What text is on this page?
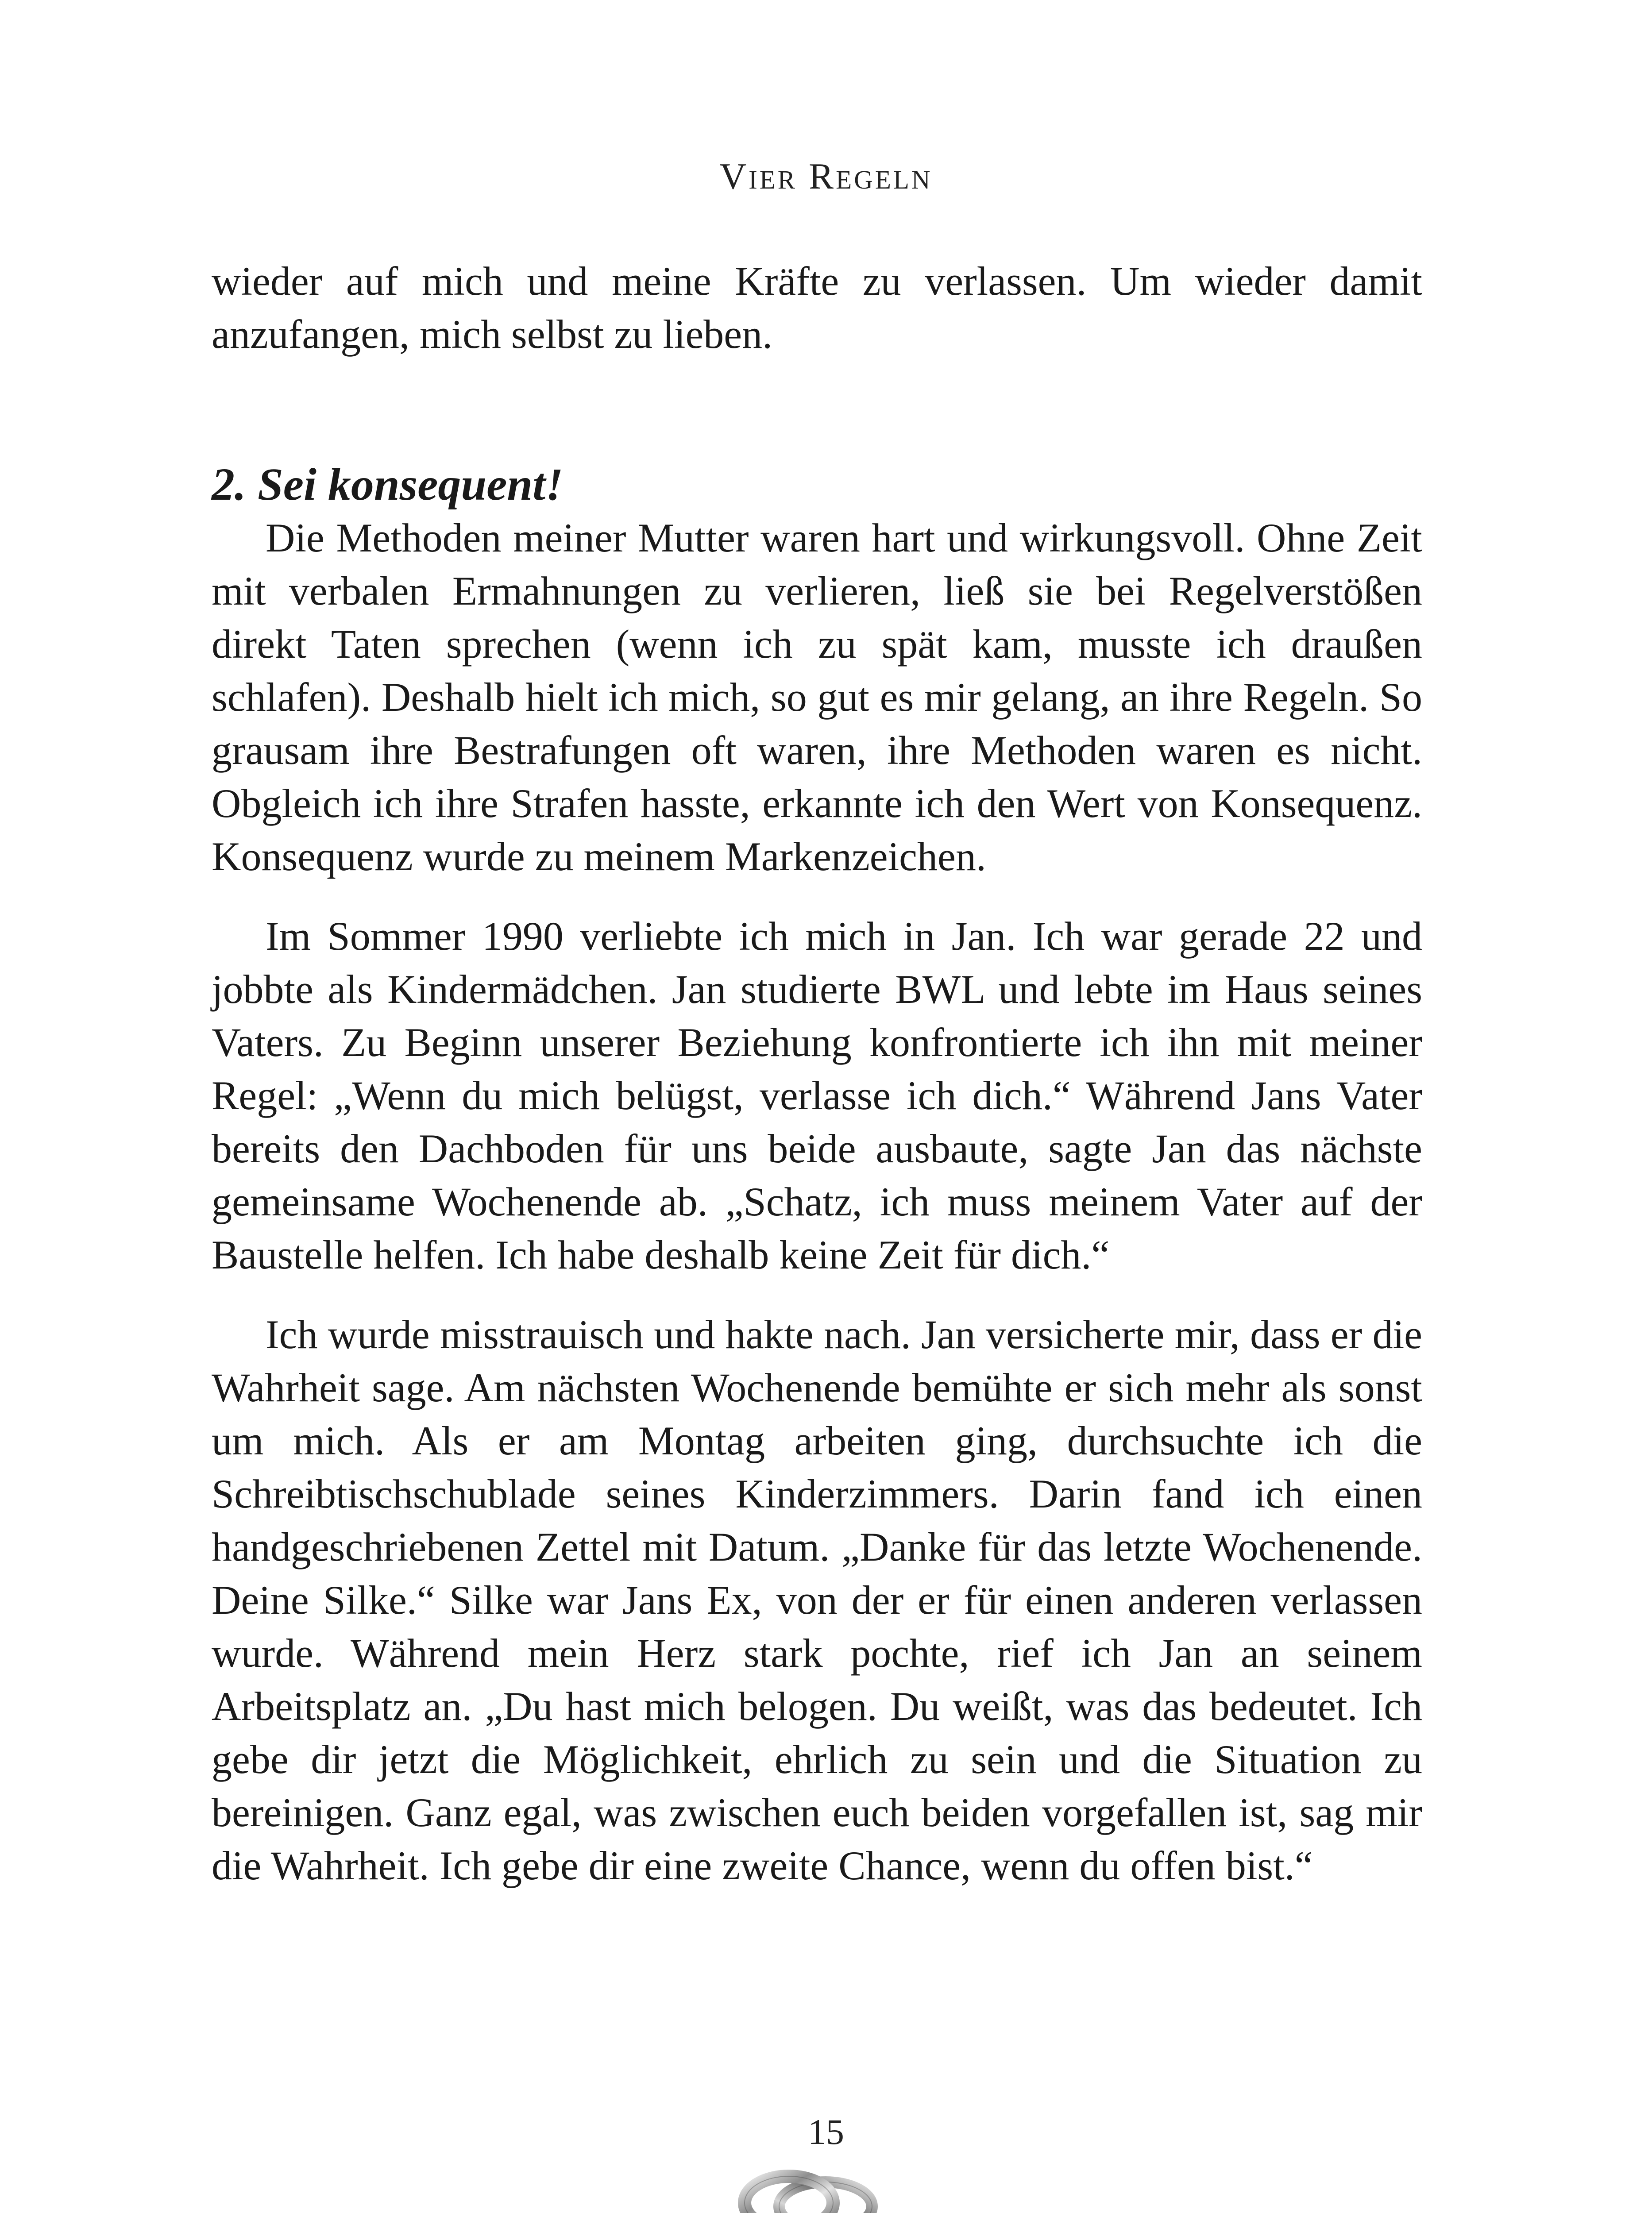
Vier Regeln

wieder auf mich und meine Kräfte zu verlassen. Um wieder damit anzufangen, mich selbst zu lieben.

2. Sei konsequent!

Die Methoden meiner Mutter waren hart und wirkungsvoll. Ohne Zeit mit verbalen Ermahnungen zu verlieren, ließ sie bei Regelverstößen direkt Taten sprechen (wenn ich zu spät kam, musste ich draußen schlafen). Deshalb hielt ich mich, so gut es mir gelang, an ihre Regeln. So grausam ihre Bestrafungen oft waren, ihre Methoden waren es nicht. Obgleich ich ihre Strafen hasste, erkannte ich den Wert von Konsequenz. Konsequenz wurde zu meinem Markenzeichen.

Im Sommer 1990 verliebte ich mich in Jan. Ich war gerade 22 und jobbte als Kindermädchen. Jan studierte BWL und lebte im Haus seines Vaters. Zu Beginn unserer Beziehung konfrontierte ich ihn mit meiner Regel: „Wenn du mich belügst, verlasse ich dich.“ Während Jans Vater bereits den Dachboden für uns beide ausbaute, sagte Jan das nächste gemeinsame Wochenende ab. „Schatz, ich muss meinem Vater auf der Baustelle helfen. Ich habe deshalb keine Zeit für dich.“

Ich wurde misstrauisch und hakte nach. Jan versicherte mir, dass er die Wahrheit sage. Am nächsten Wochenende bemühte er sich mehr als sonst um mich. Als er am Montag arbeiten ging, durchsuchte ich die Schreibtischschublade seines Kinderzimmers. Darin fand ich einen handgeschriebenen Zettel mit Datum. „Danke für das letzte Wochenende. Deine Silke.“ Silke war Jans Ex, von der er für einen anderen verlassen wurde. Während mein Herz stark pochte, rief ich Jan an seinem Arbeitsplatz an. „Du hast mich belogen. Du weißt, was das bedeutet. Ich gebe dir jetzt die Möglichkeit, ehrlich zu sein und die Situation zu bereinigen. Ganz egal, was zwischen euch beiden vorgefallen ist, sag mir die Wahrheit. Ich gebe dir eine zweite Chance, wenn du offen bist.“

15
